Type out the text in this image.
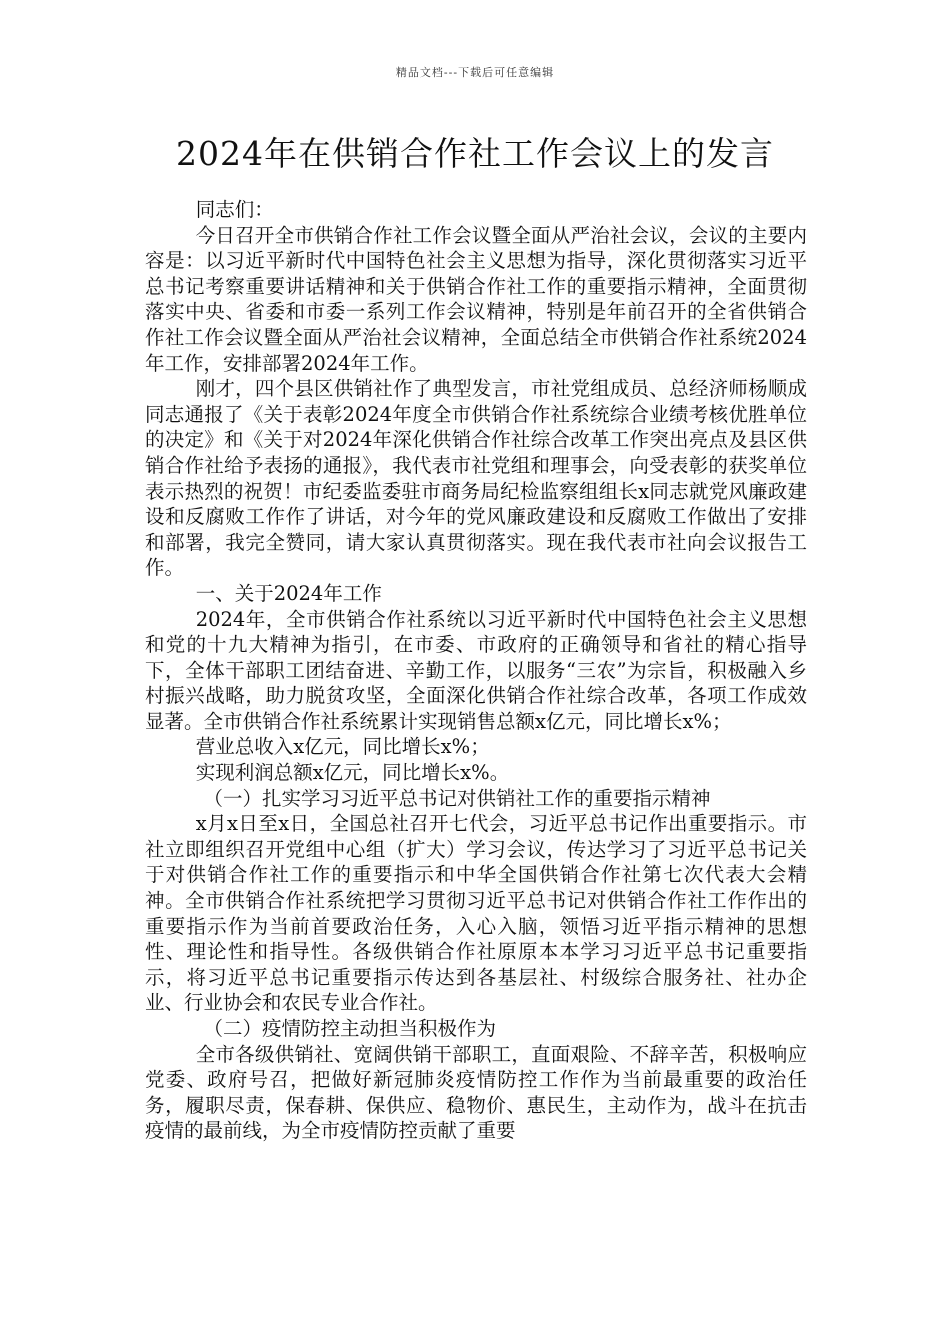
精品文档---下载后可任意编辑
2024年在供销合作社工作会议上的发言

同志们：

今日召开全市供销合作社工作会议暨全面从严治社会议，会议的主要内容是：以习近平新时代中国特色社会主义思想为指导，深化贯彻落实习近平总书记考察重要讲话精神和关于供销合作社工作的重要指示精神，全面贯彻落实中央、省委和市委一系列工作会议精神，特别是年前召开的全省供销合作社工作会议暨全面从严治社会议精神，全面总结全市供销合作社系统2024年工作，安排部署2024年工作。

刚才，四个县区供销社作了典型发言，市社党组成员、总经济师杨顺成同志通报了《关于表彰2024年度全市供销合作社系统综合业绩考核优胜单位的决定》和《关于对2024年深化供销合作社综合改革工作突出亮点及县区供销合作社给予表扬的通报》，我代表市社党组和理事会，向受表彰的获奖单位表示热烈的祝贺！市纪委监委驻市商务局纪检监察组组长x同志就党风廉政建设和反腐败工作作了讲话，对今年的党风廉政建设和反腐败工作做出了安排和部署，我完全赞同，请大家认真贯彻落实。现在我代表市社向会议报告工作。

一、关于2024年工作

2024年，全市供销合作社系统以习近平新时代中国特色社会主义思想和党的十九大精神为指引，在市委、市政府的正确领导和省社的精心指导下，全体干部职工团结奋进、辛勤工作，以服务“三农”为宗旨，积极融入乡村振兴战略，助力脱贫攻坚，全面深化供销合作社综合改革，各项工作成效显著。全市供销合作社系统累计实现销售总额x亿元，同比增长x%；

营业总收入x亿元，同比增长x%；

实现利润总额x亿元，同比增长x%。

（一）扎实学习习近平总书记对供销社工作的重要指示精神

x月x日至x日，全国总社召开七代会，习近平总书记作出重要指示。市社立即组织召开党组中心组（扩大）学习会议，传达学习了习近平总书记关于对供销合作社工作的重要指示和中华全国供销合作社第七次代表大会精神。全市供销合作社系统把学习贯彻习近平总书记对供销合作社工作作出的重要指示作为当前首要政治任务，入心入脑，领悟习近平指示精神的思想性、理论性和指导性。各级供销合作社原原本本学习习近平总书记重要指示，将习近平总书记重要指示传达到各基层社、村级综合服务社、社办企业、行业协会和农民专业合作社。

（二）疫情防控主动担当积极作为

全市各级供销社、宽阔供销干部职工，直面艰险、不辞辛苦，积极响应党委、政府号召，把做好新冠肺炎疫情防控工作作为当前最重要的政治任务，履职尽责，保春耕、保供应、稳物价、惠民生，主动作为，战斗在抗击疫情的最前线，为全市疫情防控贡献了重要
